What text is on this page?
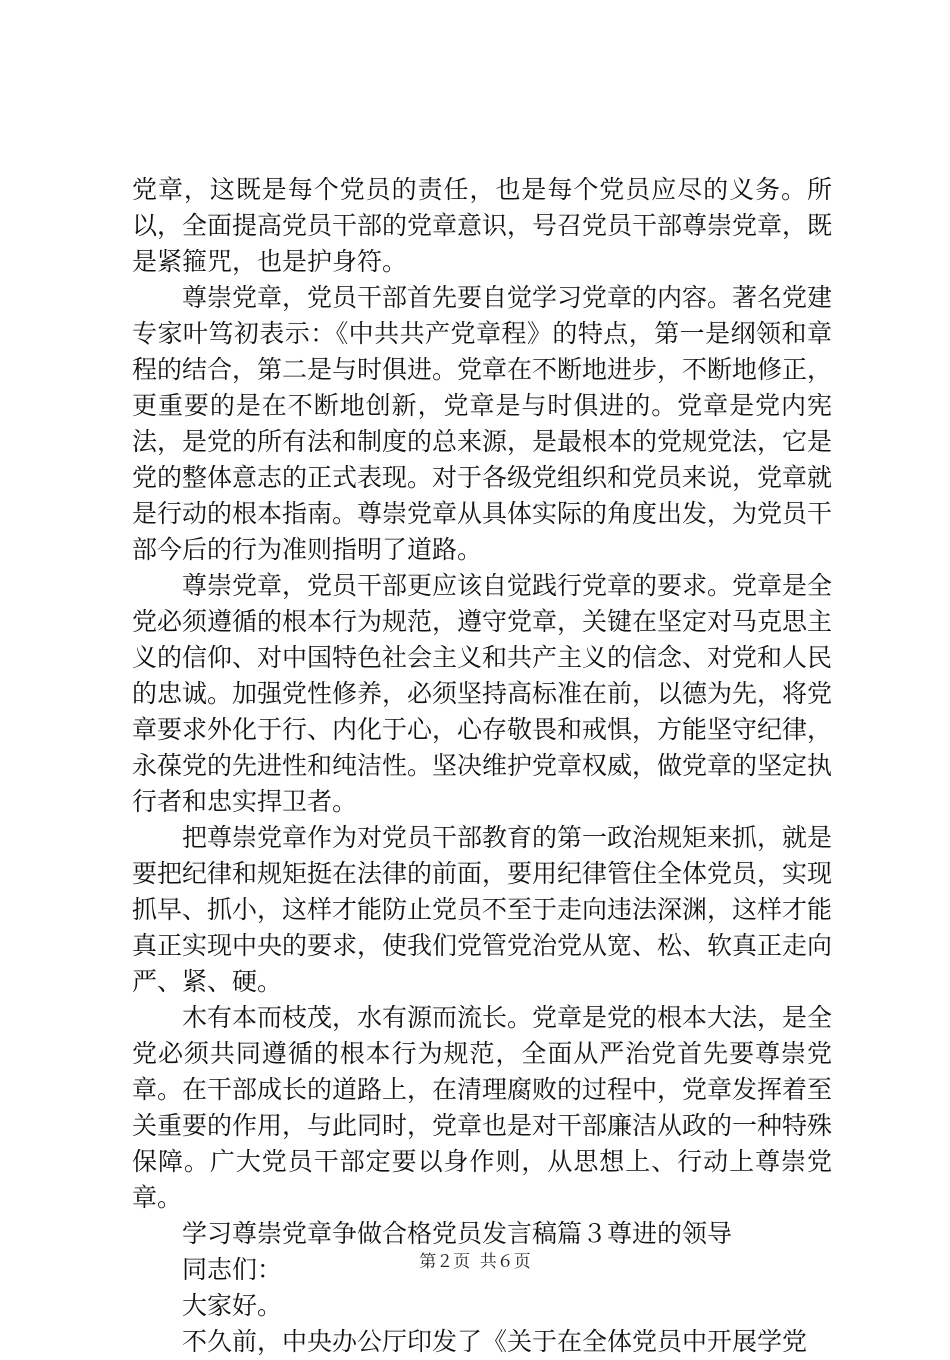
党章，这既是每个党员的责任，也是每个党员应尽的义务。所以，全面提高党员干部的党章意识，号召党员干部尊崇党章，既是紧箍咒，也是护身符。

尊崇党章，党员干部首先要自觉学习党章的内容。著名党建专家叶笃初表示：《中共共产党章程》的特点，第一是纲领和章程的结合，第二是与时俱进。党章在不断地进步，不断地修正，更重要的是在不断地创新，党章是与时俱进的。党章是党内宪法，是党的所有法和制度的总来源，是最根本的党规党法，它是党的整体意志的正式表现。对于各级党组织和党员来说，党章就是行动的根本指南。尊崇党章从具体实际的角度出发，为党员干部今后的行为准则指明了道路。

尊崇党章，党员干部更应该自觉践行党章的要求。党章是全党必须遵循的根本行为规范，遵守党章，关键在坚定对马克思主义的信仰、对中国特色社会主义和共产主义的信念、对党和人民的忠诚。加强党性修养，必须坚持高标准在前，以德为先，将党章要求外化于行、内化于心，心存敬畏和戒惧，方能坚守纪律，永葆党的先进性和纯洁性。坚决维护党章权威，做党章的坚定执行者和忠实捍卫者。

把尊崇党章作为对党员干部教育的第一政治规矩来抓，就是要把纪律和规矩挺在法律的前面，要用纪律管住全体党员，实现抓早、抓小，这样才能防止党员不至于走向违法深渊，这样才能真正实现中央的要求，使我们党管党治党从宽、松、软真正走向严、紧、硬。

木有本而枝茂，水有源而流长。党章是党的根本大法，是全党必须共同遵循的根本行为规范，全面从严治党首先要尊崇党章。在干部成长的道路上，在清理腐败的过程中，党章发挥着至关重要的作用，与此同时，党章也是对干部廉洁从政的一种特殊保障。广大党员干部定要以身作则，从思想上、行动上尊崇党章。

学习尊崇党章争做合格党员发言稿篇３尊进的领导

同志们：

大家好。

不久前，中央办公厅印发了《关于在全体党员中开展学党

第２页 共６页
